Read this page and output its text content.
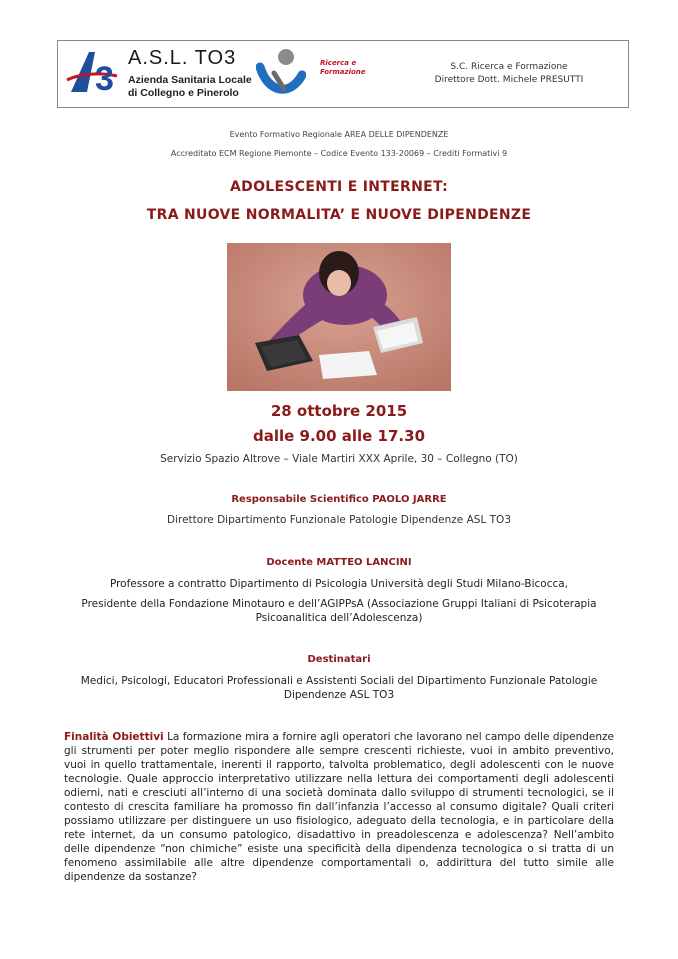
3
A.S.L. TO3
Azienda Sanitaria Locale
di Collegno e Pinerolo
Ricerca e
Formazione	S.C. Ricerca e Formazione
Direttore Dott. Michele PRESUTTI
Evento Formativo Regionale AREA DELLE DIPENDENZE
Accreditato ECM Regione Piemonte – Codice Evento 133-20069 – Crediti Formativi 9
ADOLESCENTI E INTERNET:
TRA NUOVE NORMALITA’ E NUOVE DIPENDENZE
28 ottobre 2015
dalle 9.00 alle 17.30
Servizio Spazio Altrove – Viale Martiri XXX Aprile, 30 – Collegno (TO)
Responsabile Scientifico PAOLO JARRE
Direttore Dipartimento Funzionale Patologie Dipendenze ASL TO3
Docente MATTEO LANCINI
Professore a contratto Dipartimento di Psicologia Università degli Studi Milano-Bicocca,
Presidente della Fondazione Minotauro e dell’AGIPPsA (Associazione Gruppi Italiani di Psicoterapia
Psicoanalitica dell’Adolescenza)
Destinatari
Medici, Psicologi, Educatori Professionali e Assistenti Sociali del Dipartimento Funzionale Patologie
Dipendenze ASL TO3
Finalità Obiettivi La formazione mira a fornire agli operatori che lavorano nel campo delle dipendenze gli strumenti per poter meglio rispondere alle sempre crescenti richieste, vuoi in ambito preventivo, vuoi in quello trattamentale, inerenti il rapporto, talvolta problematico, degli adolescenti con le nuove tecnologie. Quale approccio interpretativo utilizzare nella lettura dei comportamenti degli adolescenti odierni, nati e cresciuti all’interno di una società dominata dallo sviluppo di strumenti tecnologici, se il contesto di crescita familiare ha promosso fin dall’infanzia l’accesso al consumo digitale? Quali criteri possiamo utilizzare per distinguere un uso fisiologico, adeguato della tecnologia, e in particolare della rete internet, da un consumo patologico, disadattivo in preadolescenza e adolescenza? Nell’ambito delle dipendenze “non chimiche” esiste una specificità della dipendenza tecnologica o si tratta di un fenomeno assimilabile alle altre dipendenze comportamentali o, addirittura del tutto simile alle dipendenze da sostanze?
